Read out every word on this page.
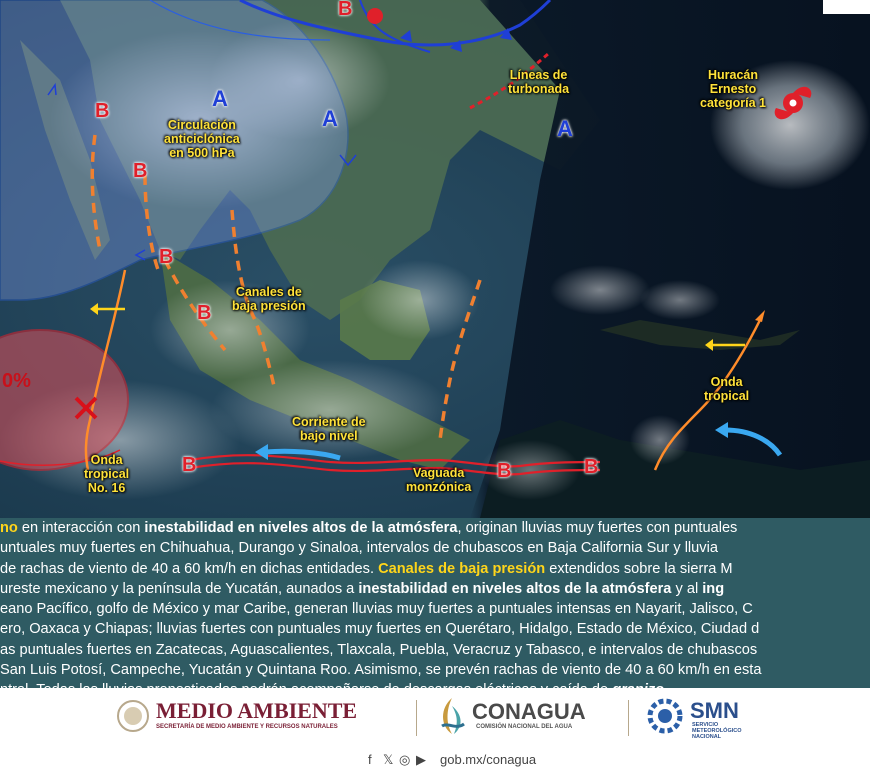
A
A	A
B
B
B
B
B
B	B	B
0%
Circulación
anticiclónica
en 500 hPa
Líneas de
turbonada
Huracán
Ernesto
categoría 1
Canales de
baja presión
Onda
tropical
Onda
tropical
No. 16
Corriente de
bajo nivel
Vaguada
monzónica
no en interacción con inestabilidad en niveles altos de la atmósfera, originan lluvias muy fuertes con puntuales
untuales muy fuertes en Chihuahua, Durango y Sinaloa, intervalos de chubascos en Baja California Sur y lluvia
de rachas de viento de 40 a 60 km/h en dichas entidades. Canales de baja presión extendidos sobre la sierra M
ureste mexicano y la península de Yucatán, aunados a inestabilidad en niveles altos de la atmósfera y al ing
eano Pacífico, golfo de México y mar Caribe, generan lluvias muy fuertes a puntuales intensas en Nayarit, Jalisco, C
ero, Oaxaca y Chiapas; lluvias fuertes con puntuales muy fuertes en Querétaro, Hidalgo, Estado de México, Ciudad d
as puntuales fuertes en Zacatecas, Aguascalientes, Tlaxcala, Puebla, Veracruz y Tabasco, e intervalos de chubascos
San Luis Potosí, Campeche, Yucatán y Quintana Roo. Asimismo, se prevén rachas de viento de 40 a 60 km/h en esta
MEDIO AMBIENTE
SECRETARÍA DE MEDIO AMBIENTE Y RECURSOS NATURALES
CONAGUA
COMISIÓN NACIONAL DEL AGUA
SMN
SERVICIO
METEOROLÓGICO
NACIONAL
f 𝕏 ◎ ▶ gob.mx/conagua
